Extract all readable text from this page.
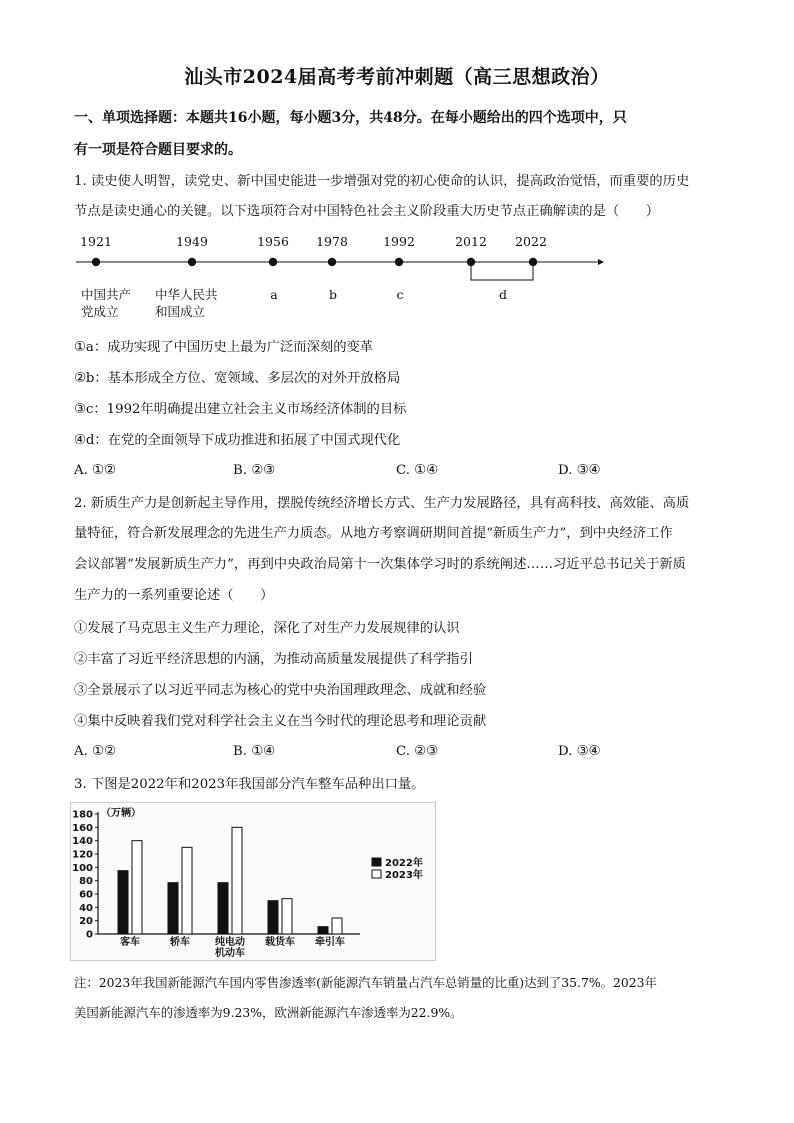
汕头市2024届高考考前冲刺题（高三思想政治）
一、单项选择题：本题共16小题，每小题3分，共48分。在每小题给出的四个选项中，只
有一项是符合题目要求的。
1. 读史使人明智，读党史、新中国史能进一步增强对党的初心使命的认识，提高政治觉悟，而重要的历史
节点是读史通心的关键。以下选项符合对中国特色社会主义阶段重大历史节点正确解读的是（　　）
1921	1949	1956 1978	1992	2012 2022
中国共产
党成立
中华人民共
和国成立
a	b	c	d
①a：成功实现了中国历史上最为广泛而深刻的变革
②b：基本形成全方位、宽领域、多层次的对外开放格局
③c：1992年明确提出建立社会主义市场经济体制的目标
④d：在党的全面领导下成功推进和拓展了中国式现代化
A. ①②	B. ②③	C. ①④	D. ③④
2. 新质生产力是创新起主导作用，摆脱传统经济增长方式、生产力发展路径，具有高科技、高效能、高质
量特征，符合新发展理念的先进生产力质态。从地方考察调研期间首提“新质生产力”，到中央经济工作
会议部署“发展新质生产力”，再到中央政治局第十一次集体学习时的系统阐述……习近平总书记关于新质
生产力的一系列重要论述（　　）
①发展了马克思主义生产力理论，深化了对生产力发展规律的认识
②丰富了习近平经济思想的内涵，为推动高质量发展提供了科学指引
③全景展示了以习近平同志为核心的党中央治国理政理念、成就和经验
④集中反映着我们党对科学社会主义在当今时代的理论思考和理论贡献
A. ①②	B. ①④	C. ②③	D. ③④
3. 下图是2022年和2023年我国部分汽车整车品种出口量。
0
20
40
60
80
100
120
140
160
180 （万辆）
客车	轿车	纯电动
机动车
载货车 牵引车
2022年
2023年
注：2023年我国新能源汽车国内零售渗透率(新能源汽车销量占汽车总销量的比重)达到了35.7%。2023年
美国新能源汽车的渗透率为9.23%，欧洲新能源汽车渗透率为22.9%。
